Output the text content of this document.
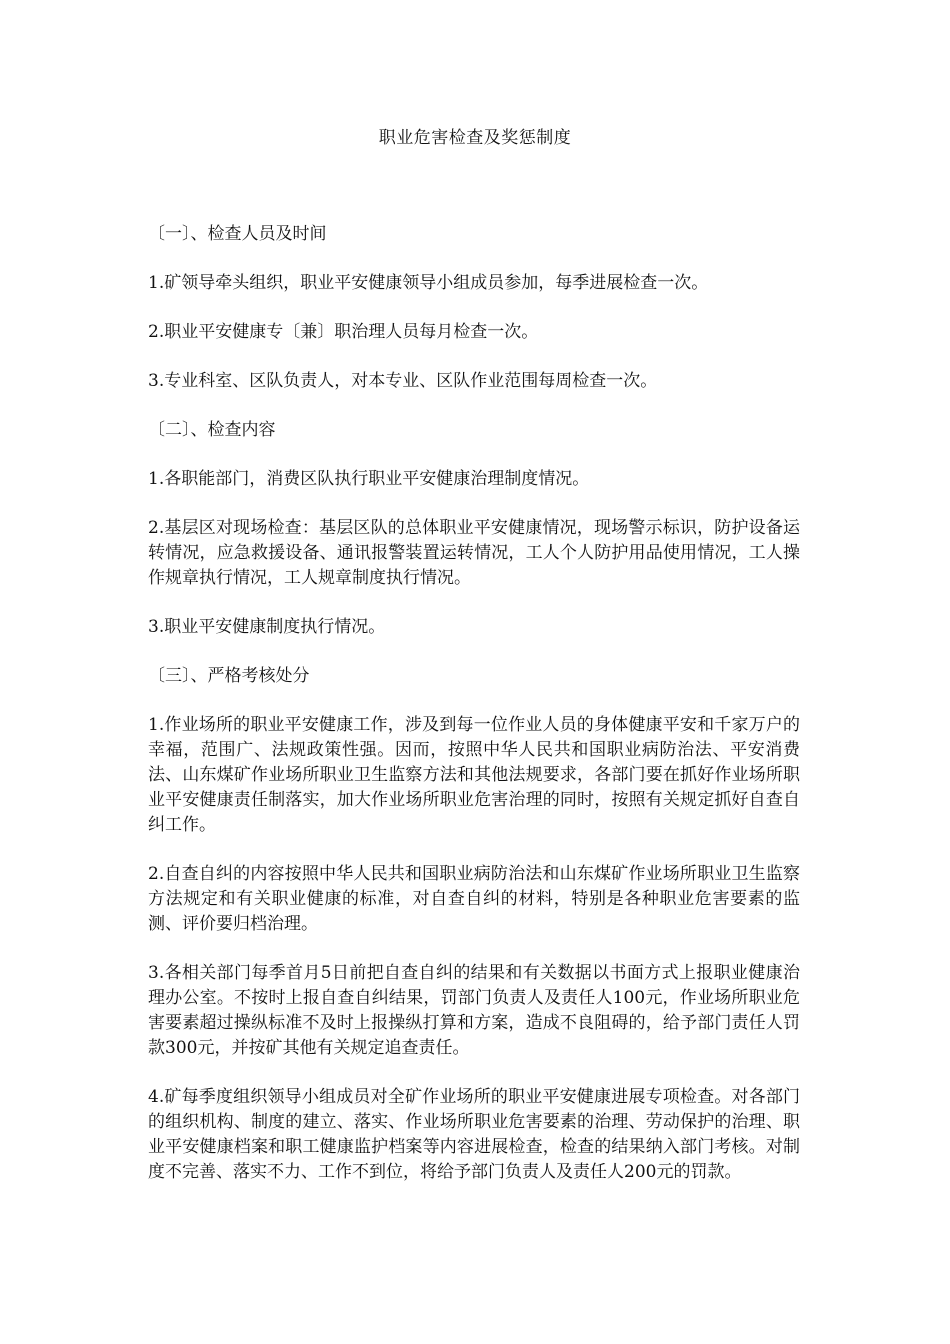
职业危害检查及奖惩制度

〔一〕、检查人员及时间

1.矿领导牵头组织，职业平安健康领导小组成员参加，每季进展检查一次。

2.职业平安健康专〔兼〕职治理人员每月检查一次。

3.专业科室、区队负责人，对本专业、区队作业范围每周检查一次。

〔二〕、检查内容

1.各职能部门，消费区队执行职业平安健康治理制度情况。

2.基层区对现场检查：基层区队的总体职业平安健康情况，现场警示标识，防护设备运转情况，应急救援设备、通讯报警装置运转情况，工人个人防护用品使用情况，工人操作规章执行情况，工人规章制度执行情况。

3.职业平安健康制度执行情况。

〔三〕、严格考核处分

1.作业场所的职业平安健康工作，涉及到每一位作业人员的身体健康平安和千家万户的幸福，范围广、法规政策性强。因而，按照中华人民共和国职业病防治法、平安消费法、山东煤矿作业场所职业卫生监察方法和其他法规要求，各部门要在抓好作业场所职业平安健康责任制落实，加大作业场所职业危害治理的同时，按照有关规定抓好自查自纠工作。

2.自查自纠的内容按照中华人民共和国职业病防治法和山东煤矿作业场所职业卫生监察方法规定和有关职业健康的标准，对自查自纠的材料，特别是各种职业危害要素的监测、评价要归档治理。

3.各相关部门每季首月5日前把自查自纠的结果和有关数据以书面方式上报职业健康治理办公室。不按时上报自查自纠结果，罚部门负责人及责任人100元，作业场所职业危害要素超过操纵标准不及时上报操纵打算和方案，造成不良阻碍的，给予部门责任人罚款300元，并按矿其他有关规定追查责任。

4.矿每季度组织领导小组成员对全矿作业场所的职业平安健康进展专项检查。对各部门的组织机构、制度的建立、落实、作业场所职业危害要素的治理、劳动保护的治理、职业平安健康档案和职工健康监护档案等内容进展检查，检查的结果纳入部门考核。对制度不完善、落实不力、工作不到位，将给予部门负责人及责任人200元的罚款。
